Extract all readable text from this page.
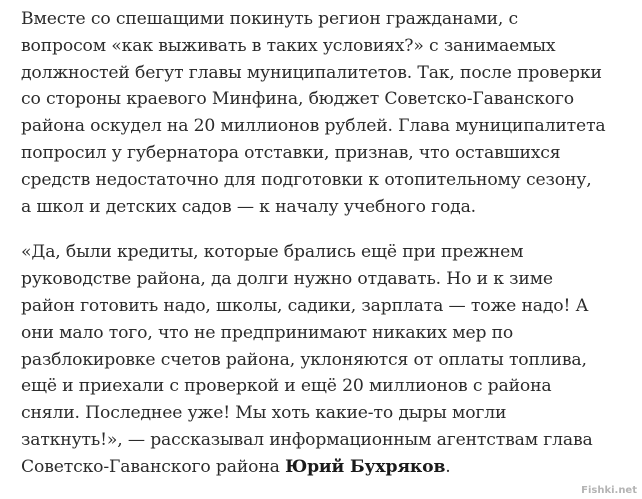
Вместе со спешащими покинуть регион гражданами, с
вопросом «как выживать в таких условиях?» с занимаемых
должностей бегут главы муниципалитетов. Так, после проверки
со стороны краевого Минфина, бюджет Советско-Гаванского
района оскудел на 20 миллионов рублей. Глава муниципалитета
попросил у губернатора отставки, признав, что оставшихся
средств недостаточно для подготовки к отопительному сезону,
а школ и детских садов — к началу учебного года.
«Да, были кредиты, которые брались ещё при прежнем
руководстве района, да долги нужно отдавать. Но и к зиме
район готовить надо, школы, садики, зарплата — тоже надо! А
они мало того, что не предпринимают никаких мер по
разблокировке счетов района, уклоняются от оплаты топлива,
ещё и приехали с проверкой и ещё 20 миллионов с района
сняли. Последнее уже! Мы хоть какие-то дыры могли
заткнуть!», — рассказывал информационным агентствам глава
Советско-Гаванского района Юрий Бухряков.
Fishki.net
